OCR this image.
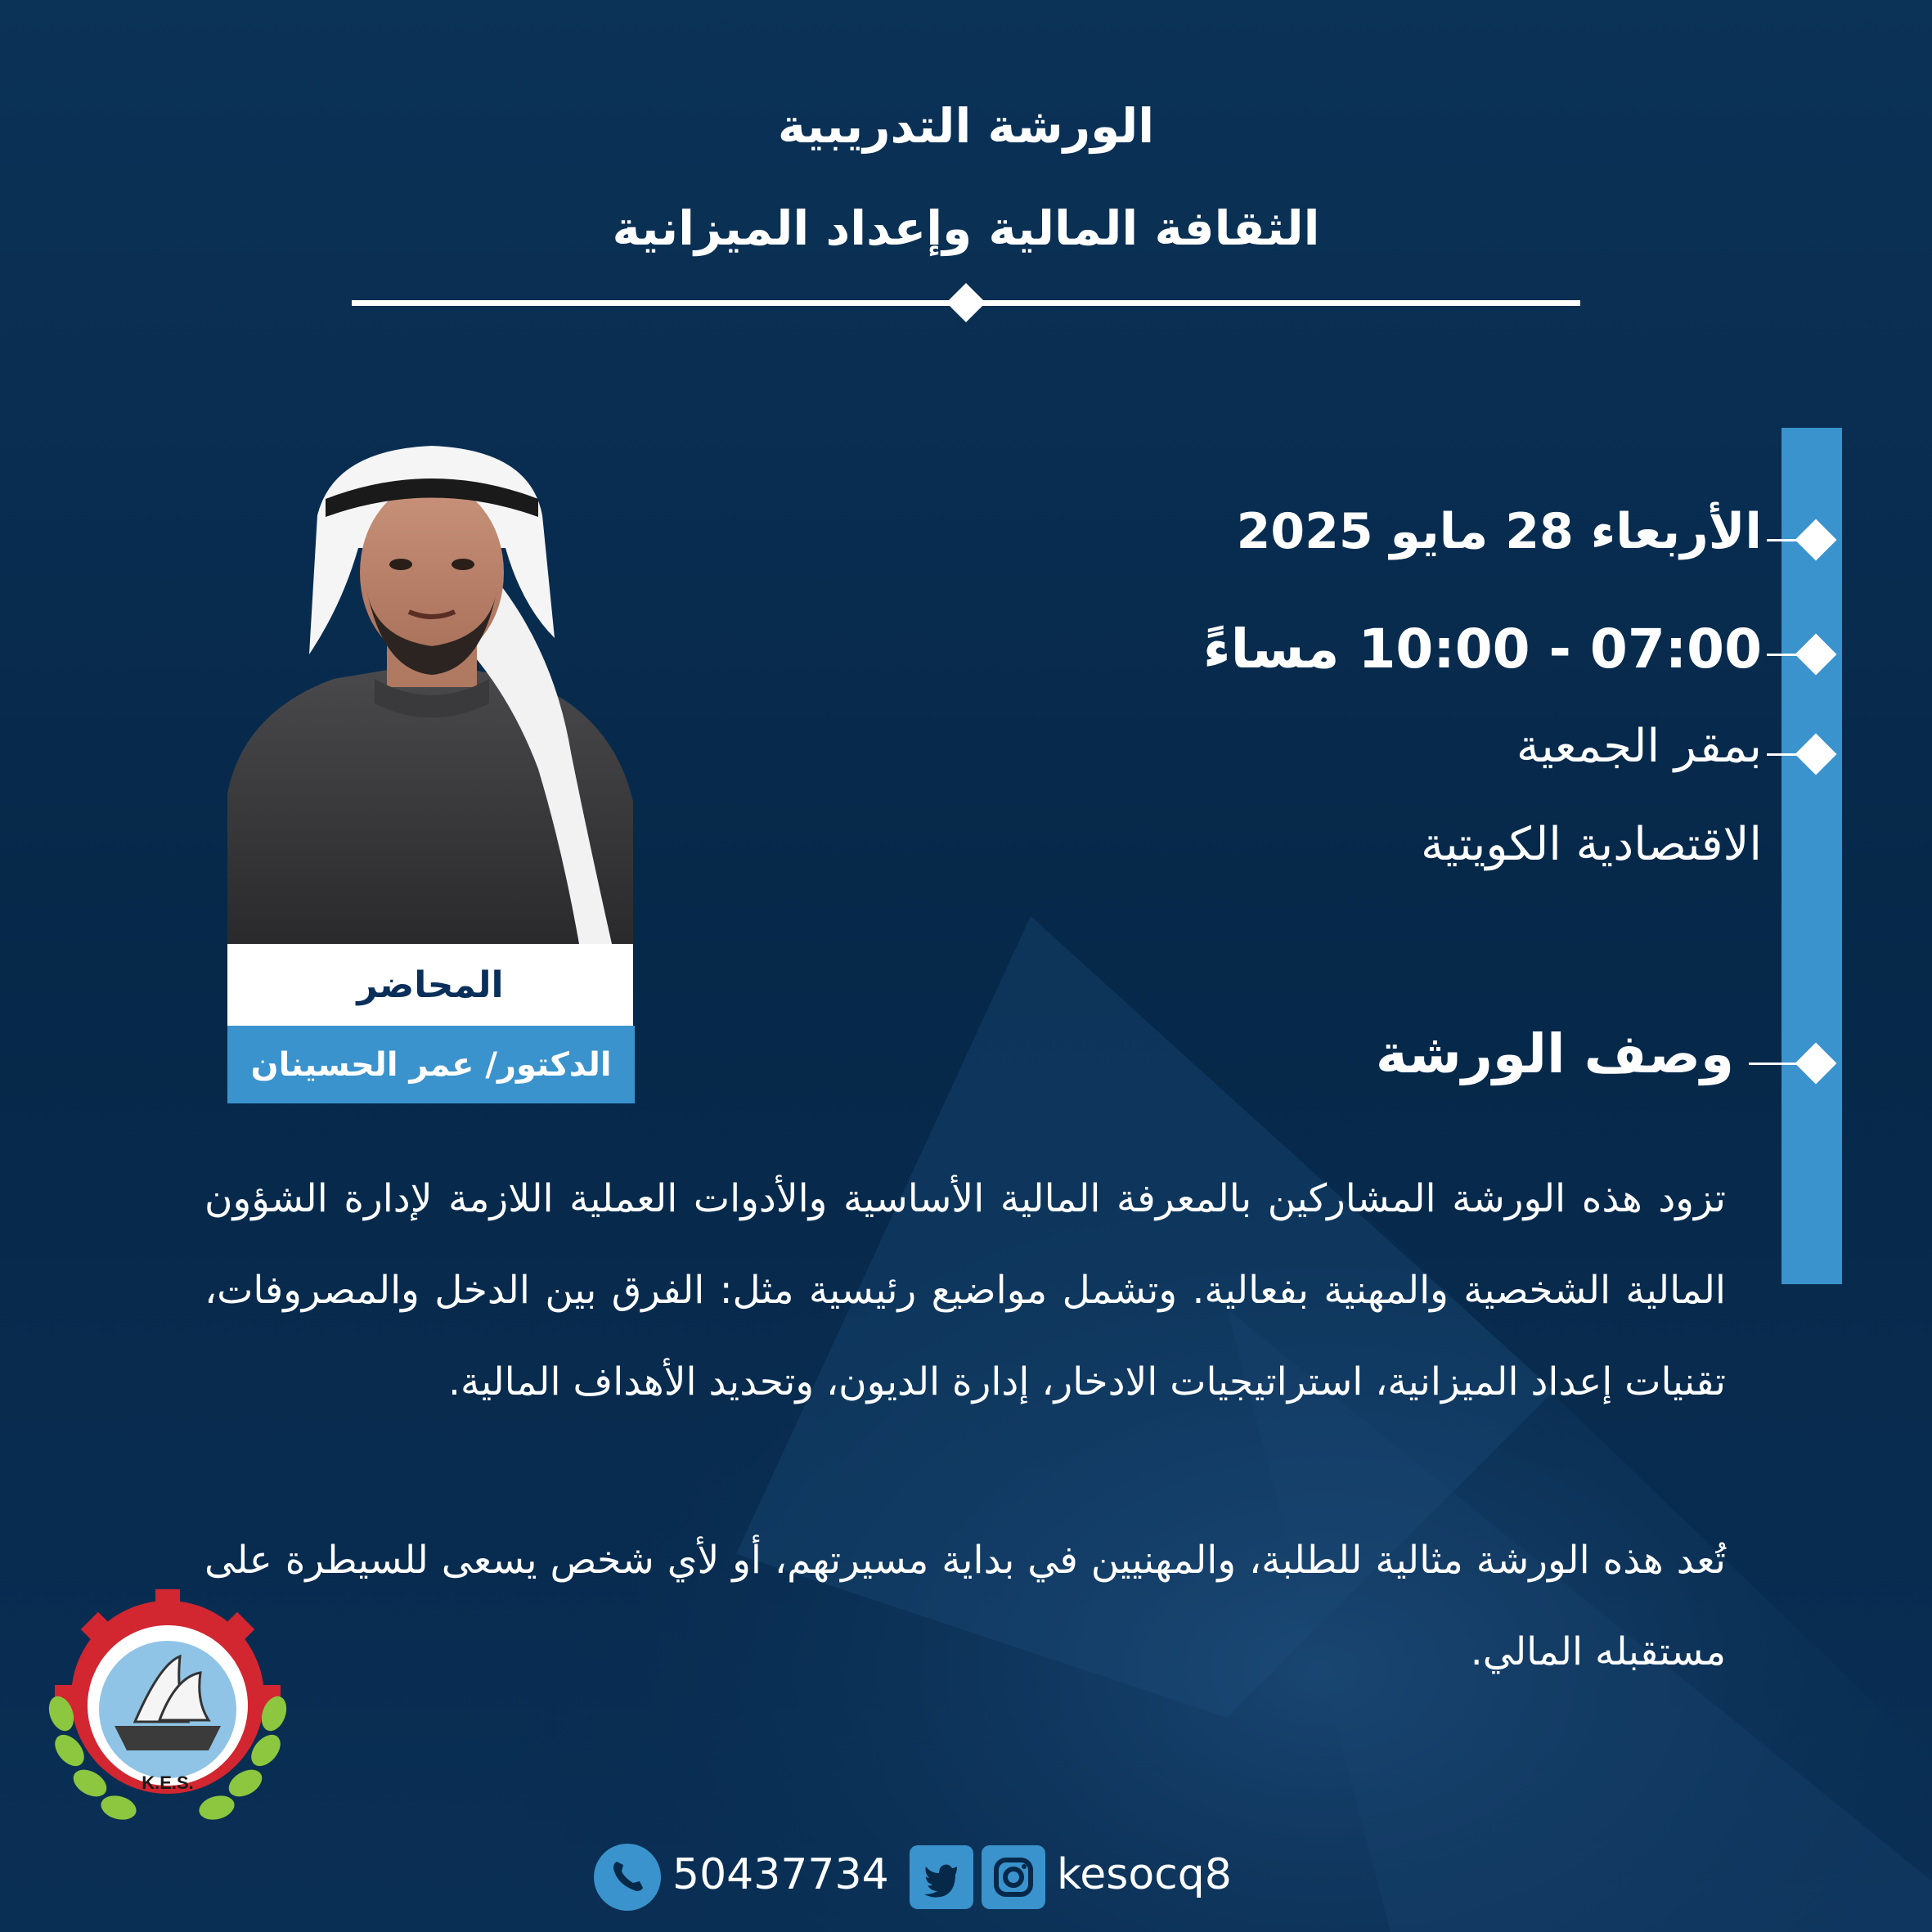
الورشة التدريبية
الثقافة المالية وإعداد الميزانية
الأربعاء 28 مايو 2025
07:00 - 10:00 مساءً
بمقر الجمعية
الاقتصادية الكويتية
وصف الورشة
تزود هذه الورشة المشاركين بالمعرفة المالية الأساسية والأدوات العملية اللازمة لإدارة الشؤون المالية الشخصية والمهنية بفعالية. وتشمل مواضيع رئيسية مثل: الفرق بين الدخل والمصروفات، تقنيات إعداد الميزانية، استراتيجيات الادخار، إدارة الديون، وتحديد الأهداف المالية.
تُعد هذه الورشة مثالية للطلبة، والمهنيين في بداية مسيرتهم، أو لأي شخص يسعى للسيطرة على مستقبله المالي.
المحاضر
الدكتور/ عمر الحسينان
K.E.S.
50437734	kesocq8
